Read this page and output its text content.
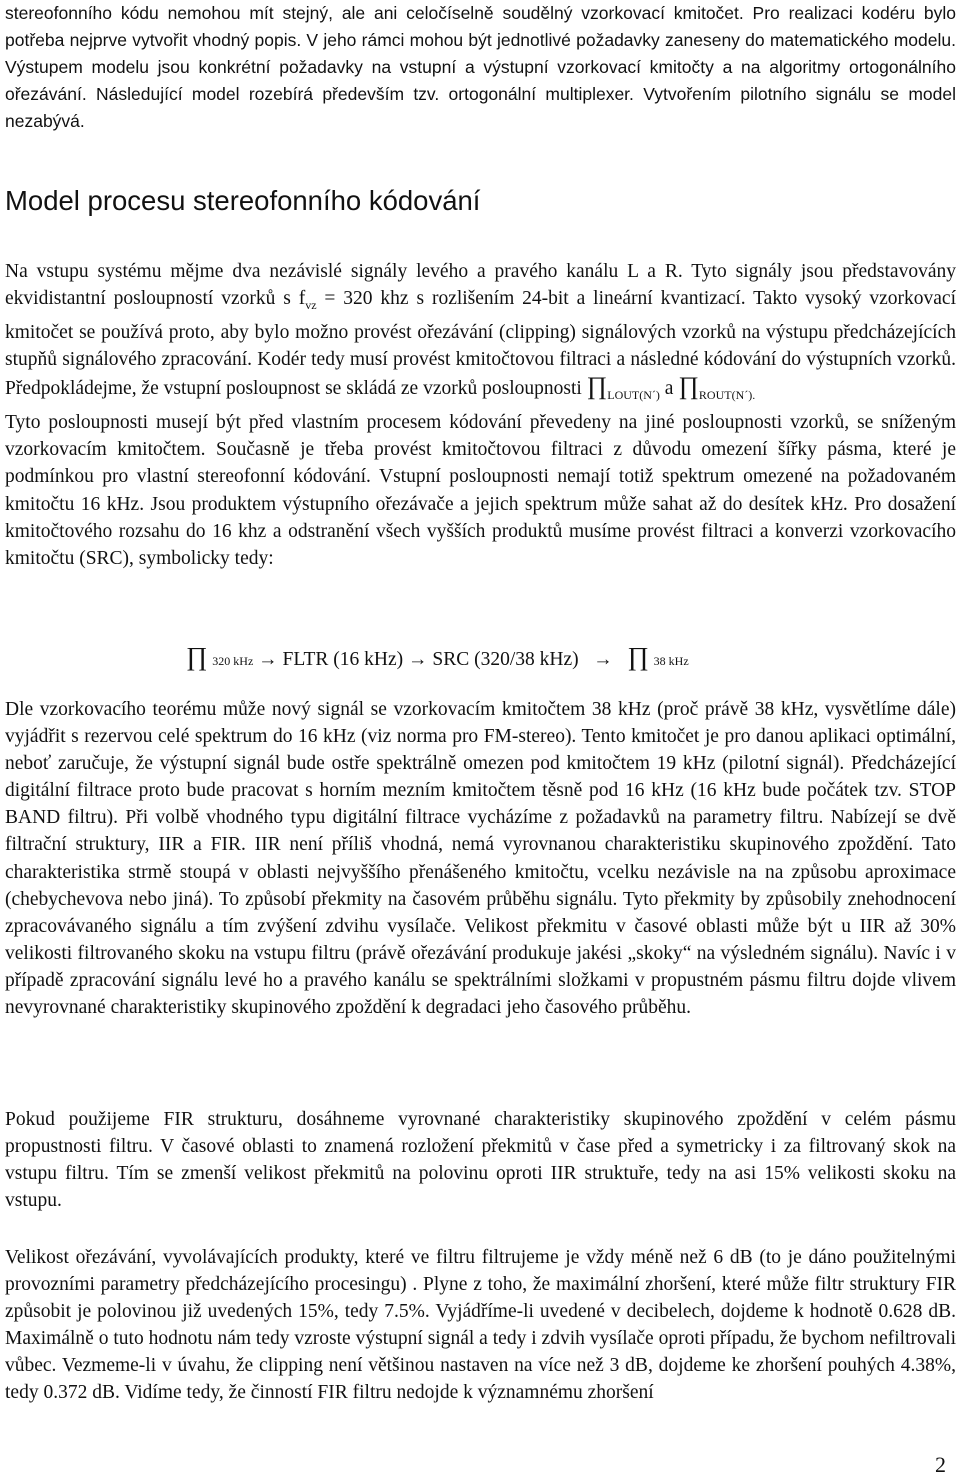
stereofonního kódu nemohou mít stejný, ale ani celočíselně soudělný vzorkovací kmitočet. Pro realizaci kodéru bylo potřeba nejprve vytvořit vhodný popis. V jeho rámci mohou být jednotlivé požadavky zaneseny do matematického modelu. Výstupem modelu jsou konkrétní požadavky na vstupní a výstupní vzorkovací kmitočty a na algoritmy ortogonálního ořezávání. Následující model rozebírá především tzv. ortogonální multiplexer. Vytvořením pilotního signálu se model nezabývá.

Model procesu stereofonního kódování

Na vstupu systému mějme dva nezávislé signály levého a pravého kanálu L a R. Tyto signály jsou představovány ekvidistantní posloupností vzorků s $f_{vz} = 320$ khz s rozlišením 24-bit a lineární kvantizací. Takto vysoký vzorkovací kmitočet se používá proto, aby bylo možno provést ořezávání (clipping) signálových vzorků na výstupu předcházejících stupňů signálového zpracování. Kodér tedy musí provést kmitočtovou filtraci a následné kódování do výstupních vzorků. Předpokládejme, že vstupní posloupnost se skládá ze vzorků posloupnosti $\prod_{LOUT(N´)}$ a $\prod_{ROUT(N´).}$
Tyto posloupnosti musejí být před vlastním procesem kódování převedeny na jiné posloupnosti vzorků, se sníženým vzorkovacím kmitočtem. Současně je třeba provést kmitočtovou filtraci z důvodu omezení šířky pásma, které je podmínkou pro vlastní stereofonní kódování. Vstupní posloupnosti nemají totiž spektrum omezené na požadovaném kmitočtu 16 kHz. Jsou produktem výstupního ořezávače a jejich spektrum může sahat až do desítek kHz. Pro dosažení kmitočtového rozsahu do 16 khz a odstranění všech vyšších produktů musíme provést filtraci a konverzi vzorkovacího kmitočtu (SRC), symbolicky tedy:

∏ 320 kHz → FLTR (16 kHz) → SRC (320/38 kHz)   →   ∏ 38 kHz

Dle vzorkovacího teorému může nový signál se vzorkovacím kmitočtem 38 kHz (proč právě 38 kHz, vysvětlíme dále) vyjádřit s rezervou celé spektrum do 16 kHz (viz norma pro FM-stereo). Tento kmitočet je pro danou aplikaci optimální, neboť zaručuje, že výstupní signál bude ostře spektrálně omezen pod kmitočtem 19 kHz (pilotní signál). Předcházející digitální filtrace proto bude pracovat s horním mezním kmitočtem těsně pod 16 kHz (16 kHz bude počátek tzv. STOP BAND filtru). Při volbě vhodného typu digitální filtrace vycházíme z požadavků na parametry filtru. Nabízejí se dvě filtrační struktury, IIR a FIR. IIR není příliš vhodná, nemá vyrovnanou charakteristiku skupinového zpoždění. Tato charakteristika strmě stoupá v oblasti nejvyššího přenášeného kmitočtu, vcelku nezávisle na na způsobu aproximace (chebychevova nebo jiná). To způsobí překmity na časovém průběhu signálu. Tyto překmity by způsobily znehodnocení zpracovávaného signálu a tím zvýšení zdvihu vysílače. Velikost překmitu v časové oblasti může být u IIR až 30% velikosti filtrovaného skoku na vstupu filtru (právě ořezávání produkuje jakési „skoky“ na výsledném signálu). Navíc i v případě zpracování signálu levé ho a pravého kanálu se spektrálními složkami v propustném pásmu filtru dojde vlivem nevyrovnané charakteristiky skupinového zpoždění k degradaci jeho časového průběhu.

Pokud použijeme FIR strukturu, dosáhneme vyrovnané charakteristiky skupinového zpoždění v celém pásmu propustnosti filtru. V časové oblasti to znamená rozložení překmitů v čase před a symetricky i za filtrovaný skok na vstupu filtru. Tím se zmenší velikost překmitů na polovinu oproti IIR struktuře, tedy na asi 15% velikosti skoku na vstupu.

Velikost ořezávání, vyvolávajících produkty, které ve filtru filtrujeme je vždy méně než 6 dB (to je dáno použitelnými provozními parametry předcházejícího procesingu) . Plyne z toho, že maximální zhoršení, které může filtr struktury FIR způsobit je polovinou již uvedených 15%, tedy 7.5%. Vyjádříme-li uvedené v decibelech, dojdeme k hodnotě 0.628 dB. Maximálně o tuto hodnotu nám tedy vzroste výstupní signál a tedy i zdvih vysílače oproti případu, že bychom nefiltrovali vůbec. Vezmeme-li v úvahu, že clipping není většinou nastaven na více než 3 dB, dojdeme ke zhoršení pouhých 4.38%, tedy 0.372 dB. Vidíme tedy, že činností FIR filtru nedojde k významnému zhoršení

2
